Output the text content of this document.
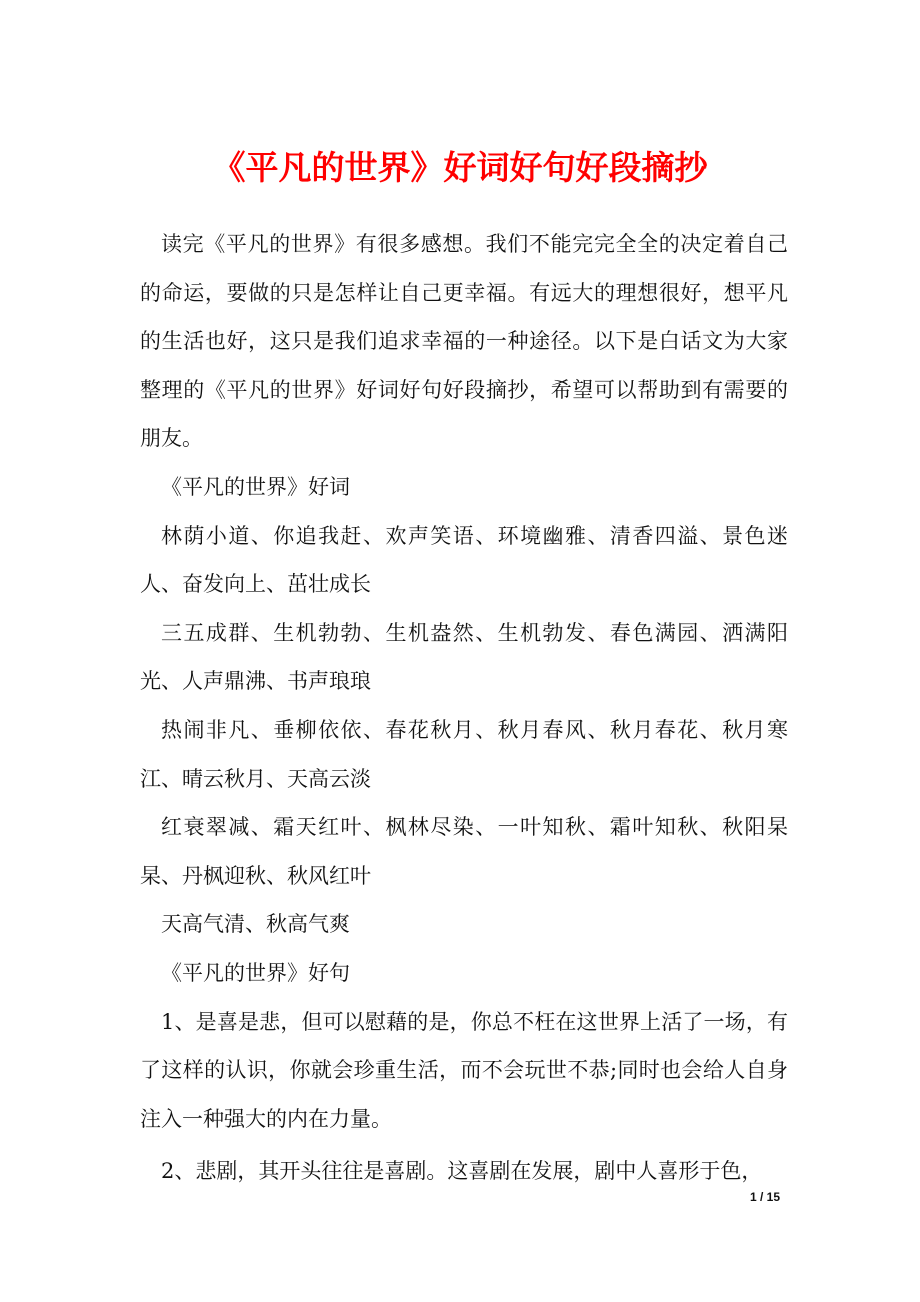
《平凡的世界》好词好句好段摘抄

读完《平凡的世界》有很多感想。我们不能完完全全的决定着自己的命运，要做的只是怎样让自己更幸福。有远大的理想很好，想平凡的生活也好，这只是我们追求幸福的一种途径。以下是白话文为大家整理的《平凡的世界》好词好句好段摘抄，希望可以帮助到有需要的朋友。

《平凡的世界》好词

林荫小道、你追我赶、欢声笑语、环境幽雅、清香四溢、景色迷人、奋发向上、茁壮成长

三五成群、生机勃勃、生机盎然、生机勃发、春色满园、洒满阳光、人声鼎沸、书声琅琅

热闹非凡、垂柳依依、春花秋月、秋月春风、秋月春花、秋月寒江、晴云秋月、天高云淡

红衰翠减、霜天红叶、枫林尽染、一叶知秋、霜叶知秋、秋阳杲杲、丹枫迎秋、秋风红叶

天高气清、秋高气爽

《平凡的世界》好句

1、是喜是悲，但可以慰藉的是，你总不枉在这世界上活了一场，有了这样的认识，你就会珍重生活，而不会玩世不恭;同时也会给人自身注入一种强大的内在力量。

2、悲剧，其开头往往是喜剧。这喜剧在发展，剧中人喜形于色，

1 / 15
